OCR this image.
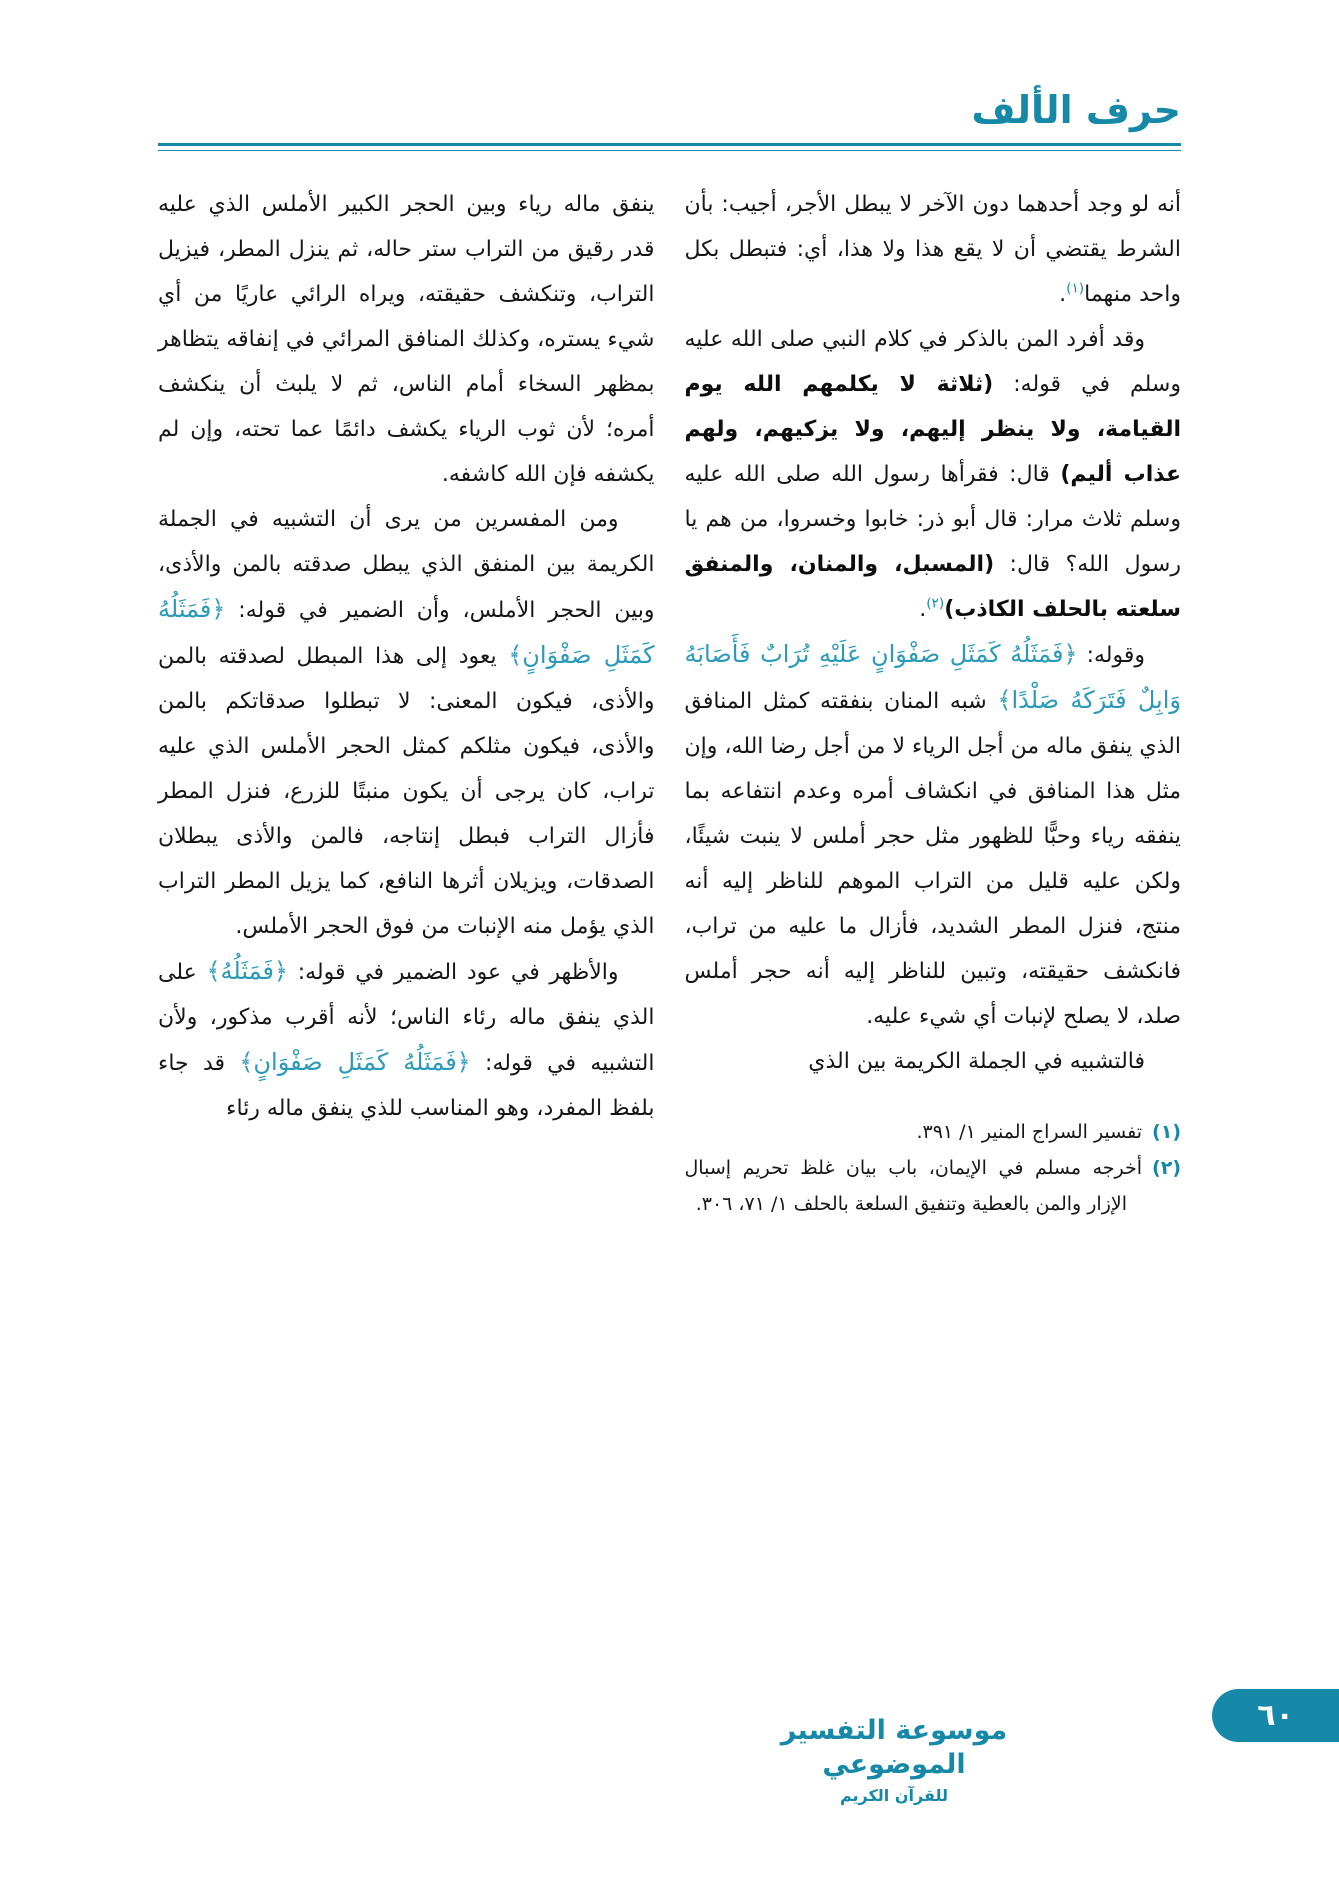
حرف الألف

أنه لو وجد أحدهما دون الآخر لا يبطل الأجر، أجيب: بأن الشرط يقتضي أن لا يقع هذا ولا هذا، أي: فتبطل بكل واحد منهما$^{(١)}$.

وقد أفرد المن بالذكر في كلام النبي صلى الله عليه وسلم في قوله: (ثلاثة لا يكلمهم الله يوم القيامة، ولا ينظر إليهم، ولا يزكيهم، ولهم عذاب أليم) قال: فقرأها رسول الله صلى الله عليه وسلم ثلاث مرار: قال أبو ذر: خابوا وخسروا، من هم يا رسول الله؟ قال: (المسبل، والمنان، والمنفق سلعته بالحلف الكاذب)$^{(٢)}$.

وقوله: ﴿فَمَثَلُهُ كَمَثَلِ صَفْوَانٍ عَلَيْهِ تُرَابٌ فَأَصَابَهُ وَابِلٌ فَتَرَكَهُ صَلْدًا﴾ شبه المنان بنفقته كمثل المنافق الذي ينفق ماله من أجل الرياء لا من أجل رضا الله، وإن مثل هذا المنافق في انكشاف أمره وعدم انتفاعه بما ينفقه رياء وحبًّا للظهور مثل حجر أملس لا ينبت شيئًا، ولكن عليه قليل من التراب الموهم للناظر إليه أنه منتج، فنزل المطر الشديد، فأزال ما عليه من تراب، فانكشف حقيقته، وتبين للناظر إليه أنه حجر أملس صلد، لا يصلح لإنبات أي شيء عليه.

فالتشبيه في الجملة الكريمة بين الذي

(١)تفسير السراج المنير ١/ ٣٩١.
(٢)أخرجه مسلم في الإيمان، باب بيان غلظ تحريم إسبال الإزار والمن بالعطية وتنفيق السلعة بالحلف ١/ ٧١، ٣٠٦.

ينفق ماله رياء وبين الحجر الكبير الأملس الذي عليه قدر رقيق من التراب ستر حاله، ثم ينزل المطر، فيزيل التراب، وتنكشف حقيقته، ويراه الرائي عاريًا من أي شيء يستره، وكذلك المنافق المرائي في إنفاقه يتظاهر بمظهر السخاء أمام الناس، ثم لا يلبث أن ينكشف أمره؛ لأن ثوب الرياء يكشف دائمًا عما تحته، وإن لم يكشفه فإن الله كاشفه.

ومن المفسرين من يرى أن التشبيه في الجملة الكريمة بين المنفق الذي يبطل صدقته بالمن والأذى، وبين الحجر الأملس، وأن الضمير في قوله: ﴿فَمَثَلُهُ كَمَثَلِ صَفْوَانٍ﴾ يعود إلى هذا المبطل لصدقته بالمن والأذى، فيكون المعنى: لا تبطلوا صدقاتكم بالمن والأذى، فيكون مثلكم كمثل الحجر الأملس الذي عليه تراب، كان يرجى أن يكون منبتًا للزرع، فنزل المطر فأزال التراب فبطل إنتاجه، فالمن والأذى يبطلان الصدقات، ويزيلان أثرها النافع، كما يزيل المطر التراب الذي يؤمل منه الإنبات من فوق الحجر الأملس.

والأظهر في عود الضمير في قوله: ﴿فَمَثَلُهُ﴾ على الذي ينفق ماله رئاء الناس؛ لأنه أقرب مذكور، ولأن التشبيه في قوله: ﴿فَمَثَلُهُ كَمَثَلِ صَفْوَانٍ﴾ قد جاء بلفظ المفرد، وهو المناسب للذي ينفق ماله رئاء

موسوعة التفسير الموضوعي
للقرآن الكريم
٦٠
